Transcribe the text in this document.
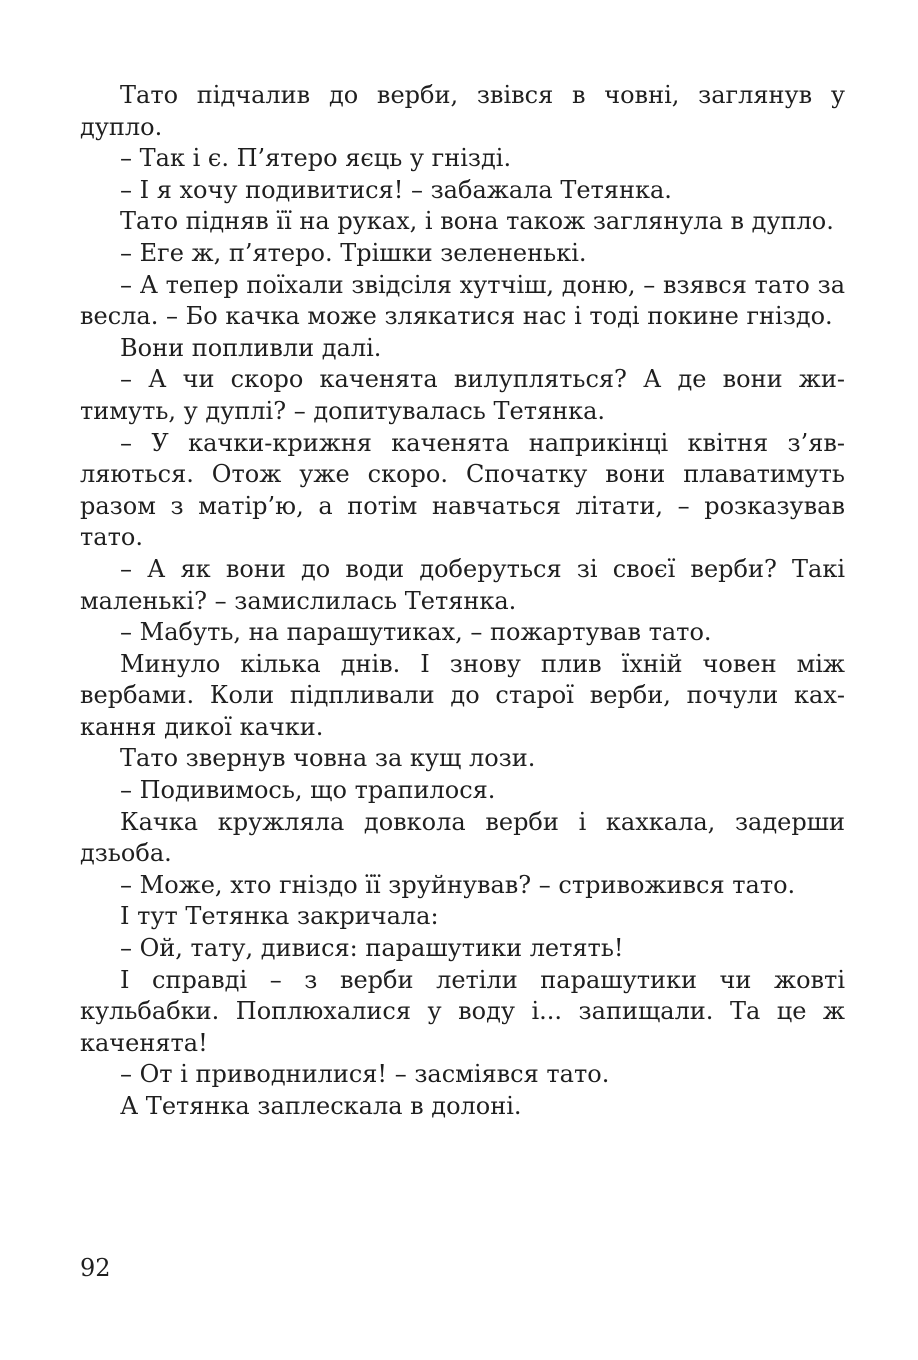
Тато підчалив до верби, звівся в човні, заглянув у дупло.

– Так і є. П’ятеро яєць у гнізді.

– І я хочу подивитися! – забажала Тетянка.

Тато підняв її на руках, і вона також заглянула в дупло.

– Еге ж, п’ятеро. Трішки зелененькі.

– А тепер поїхали звідсіля хутчіш, доню, – взявся тато за весла. – Бо качка може злякатися нас і тоді покине гніздо.

Вони попливли далі.

– А чи скоро каченята вилупляться? А де вони житимуть, у дуплі? – допитувалась Тетянка.

– У качки-крижня каченята наприкінці квітня з’являються. Отож уже скоро. Спочатку вони плаватимуть разом з матір’ю, а потім навчаться літати, – розказував тато.

– А як вони до води доберуться зі своєї верби? Такі маленькі? – замислилась Тетянка.

– Мабуть, на парашутиках, – пожартував тато.

Минуло кілька днів. І знову плив їхній човен між вербами. Коли підпливали до старої верби, почули кахкання дикої качки.

Тато звернув човна за кущ лози.

– Подивимось, що трапилося.

Качка кружляла довкола верби і кахкала, задерши дзьоба.

– Може, хто гніздо її зруйнував? – стривожився тато.

І тут Тетянка закричала:

– Ой, тату, дивися: парашутики летять!

І справді – з верби летіли парашутики чи жовті кульбабки. Поплюхалися у воду і... запищали. Та це ж каченята!

– От і приводнилися! – засміявся тато.

А Тетянка заплескала в долоні.

92
